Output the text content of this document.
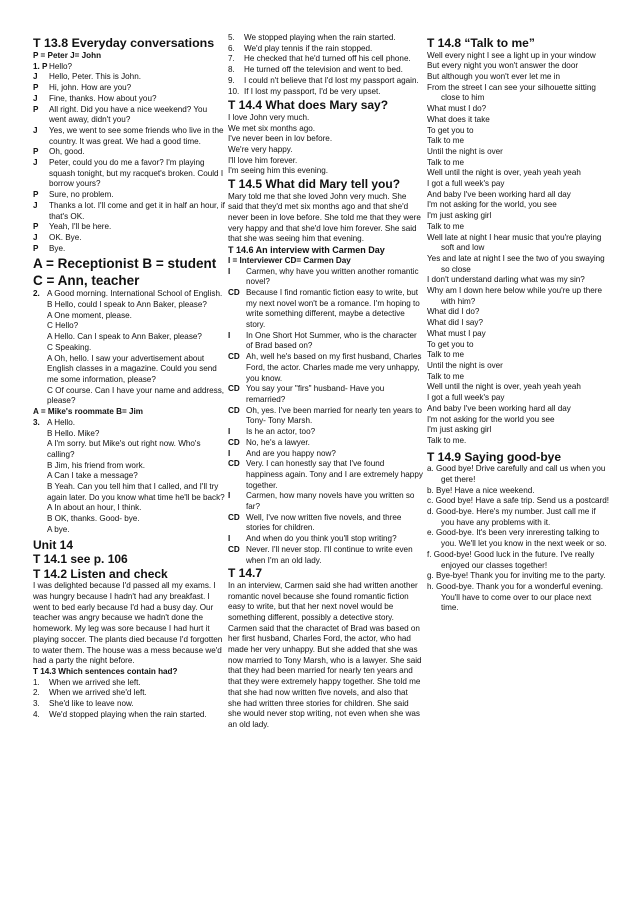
T 13.8 Everyday conversations

P = Peter J= John

1. P Hello?
J	Hello, Peter. This is John.
P	Hi, john. How are you?
J	Fine, thanks. How about you?
P	All right. Did you have a nice weekend? You went away, didn't you?
J	Yes, we went to see some friends who live in the country. It was great. We had a good time.
P	Oh, good.
J	Peter, could you do me a favor? I'm playing squash tonight, but my racquet's broken. Could I borrow yours?
P	Sure, no problem.
J	Thanks a lot. I'll come and get it in half an hour, if that's OK.
P	Yeah, I'll be here.
J	OK. Bye.
P	Bye.
A = Receptionist B = student C = Ann, teacher
2. A Good morning. International School of English.
B Hello, could I speak to Ann Baker, please?
A One moment, please.
C Hello?
A Hello. Can I speak to Ann Baker, please?
C Speaking.
A Oh, hello. I saw your advertisement about English classes in a magazine. Could you send me some information, please?
C Of course. Can I have your name and address, please?

A = Mike's roommate B= Jim

3. A Hello.
B Hello. Mike?
A I'm sorry. but Mike's out right now. Who's calling?
B Jim, his friend from work.
A Can I take a message?
B Yeah. Can you tell him that I called, and I'll try again later. Do you know what time he'll be back?
A In about an hour, I think.
B OK, thanks. Good- bye.
A bye.
Unit 14
T 14.1 see p. 106
T 14.2 Listen and check

I was delighted because I'd passed all my exams. I was hungry because I hadn't had any breakfast. I went to bed early because I'd had a busy day. Our teacher was angry because we hadn't done the homework. My leg was sore because I had hurt it playing soccer. The plants died because I'd forgotten to water them. The house was a mess because we'd had a party the night before.

T 14.3 Which sentences contain had?

1.	When we arrived she left.
2.	When we arrived she'd left.
3.	She'd like to leave now.
4.	We'd stopped playing when the rain started.
5.	We stopped playing when the rain started.
6.	We'd play tennis if the rain stopped.
7.	He checked that he'd turned off his cell phone.
8.	He turned off the television and went to bed.
9.	I could n't believe that I'd lost my passport again.
10. If I lost my passport, I'd be very upset.
T 14.4 What does Mary say?
I love John very much.
We met six months ago.
I've never been in lov before.
We're very happy.
I'll love him forever.
I'm seeing him this evening.
T 14.5 What did Mary tell you?

Mary told me that she loved John very much. She said that they'd met six months ago and that she'd never been in love before. She told me that they were very happy and that she'd love him forever. She said that she was seeing him that evening.

T 14.6 An interview with Carmen Day

I = Interviewer CD= Carmen Day

I	Carmen, why have you written another romantic novel?
CD Because I find romantic fiction easy to write, but my next novel won't be a romance. I'm hoping to write something different, maybe a detective story.
I	In One Short Hot Summer, who is the character of Brad based on?
CD Ah, well he's based on my first husband, Charles Ford, the actor. Charles made me very unhappy, you know.
CD You say your "firs" husband- Have you remarried?
CD Oh, yes. I've been married for nearly ten years to Tony- Tony Marsh.
I	Is he an actor, too?
CD No, he's a lawyer.
I	And are you happy now?
CD Very. I can honestly say that I've found happiness again. Tony and I are extremely happy together.
I	Carmen, how many novels have you written so far?
CD Well, I've now written five novels, and three stories for children.
I	And when do you think you'll stop writing?
CD Never. I'll never stop. I'll continue to write even when I'm an old lady.
T 14.7

In an interview, Carmen said she had written another romantic novel because she found romantic fiction easy to write, but that her next novel would be something different, possibly a detective story. Carmen said that the charactet of Brad was based on her first husband, Charles Ford, the actor, who had made her very unhappy. But she added that she was now married to Tony Marsh, who is a lawyer. She said that they had been married for nearly ten years and that they were extremely happy together. She told me that she had now written five novels, and also that she had written three stories for children. She said she would never stop writing, not even when she was an old lady.

T 14.8 “Talk to me”
Well every night I see a light up in your window
But every night you won't answer the door
But although you won't ever let me in
From the street I can see your silhouette sitting close to him
What must I do?
What does it take
To get you to
Talk to me
Until the night is over
Talk to me
Well until the night is over, yeah yeah yeah
I got a full week's pay
And baby I've been working hard all day
I'm not asking for the world, you see
I'm just asking girl
Talk to me
Well late at night I hear music that you're playing soft and low
Yes and late at night I see the two of you swaying so close
I don't understand darling what was my sin?
Why am I down here below while you're up there with him?
What did I do?
What did I say?
What must I pay
To get you to
Talk to me
Until the night is over
Talk to me
Well until the night is over, yeah yeah yeah
I got a full week's pay
And baby I've been working hard all day
I'm not asking for the world you see
I'm just asking girl
Talk to me.
T 14.9 Saying good-bye
a. Good bye! Drive carefully and call us when you get there!
b. Bye! Have a nice weekend.
c. Good bye! Have a safe trip. Send us a postcard!
d. Good-bye. Here's my number. Just call me if you have any problems with it.
e. Good-bye. It's been very inreresting talking to you. We'll let you know in the next week or so.
f. Good-bye! Good luck in the future. I've really enjoyed our classes together!
g. Bye-bye! Thank you for inviting me to the party.
h. Good-bye. Thank you for a wonderful evening. You'll have to come over to our place next time.
